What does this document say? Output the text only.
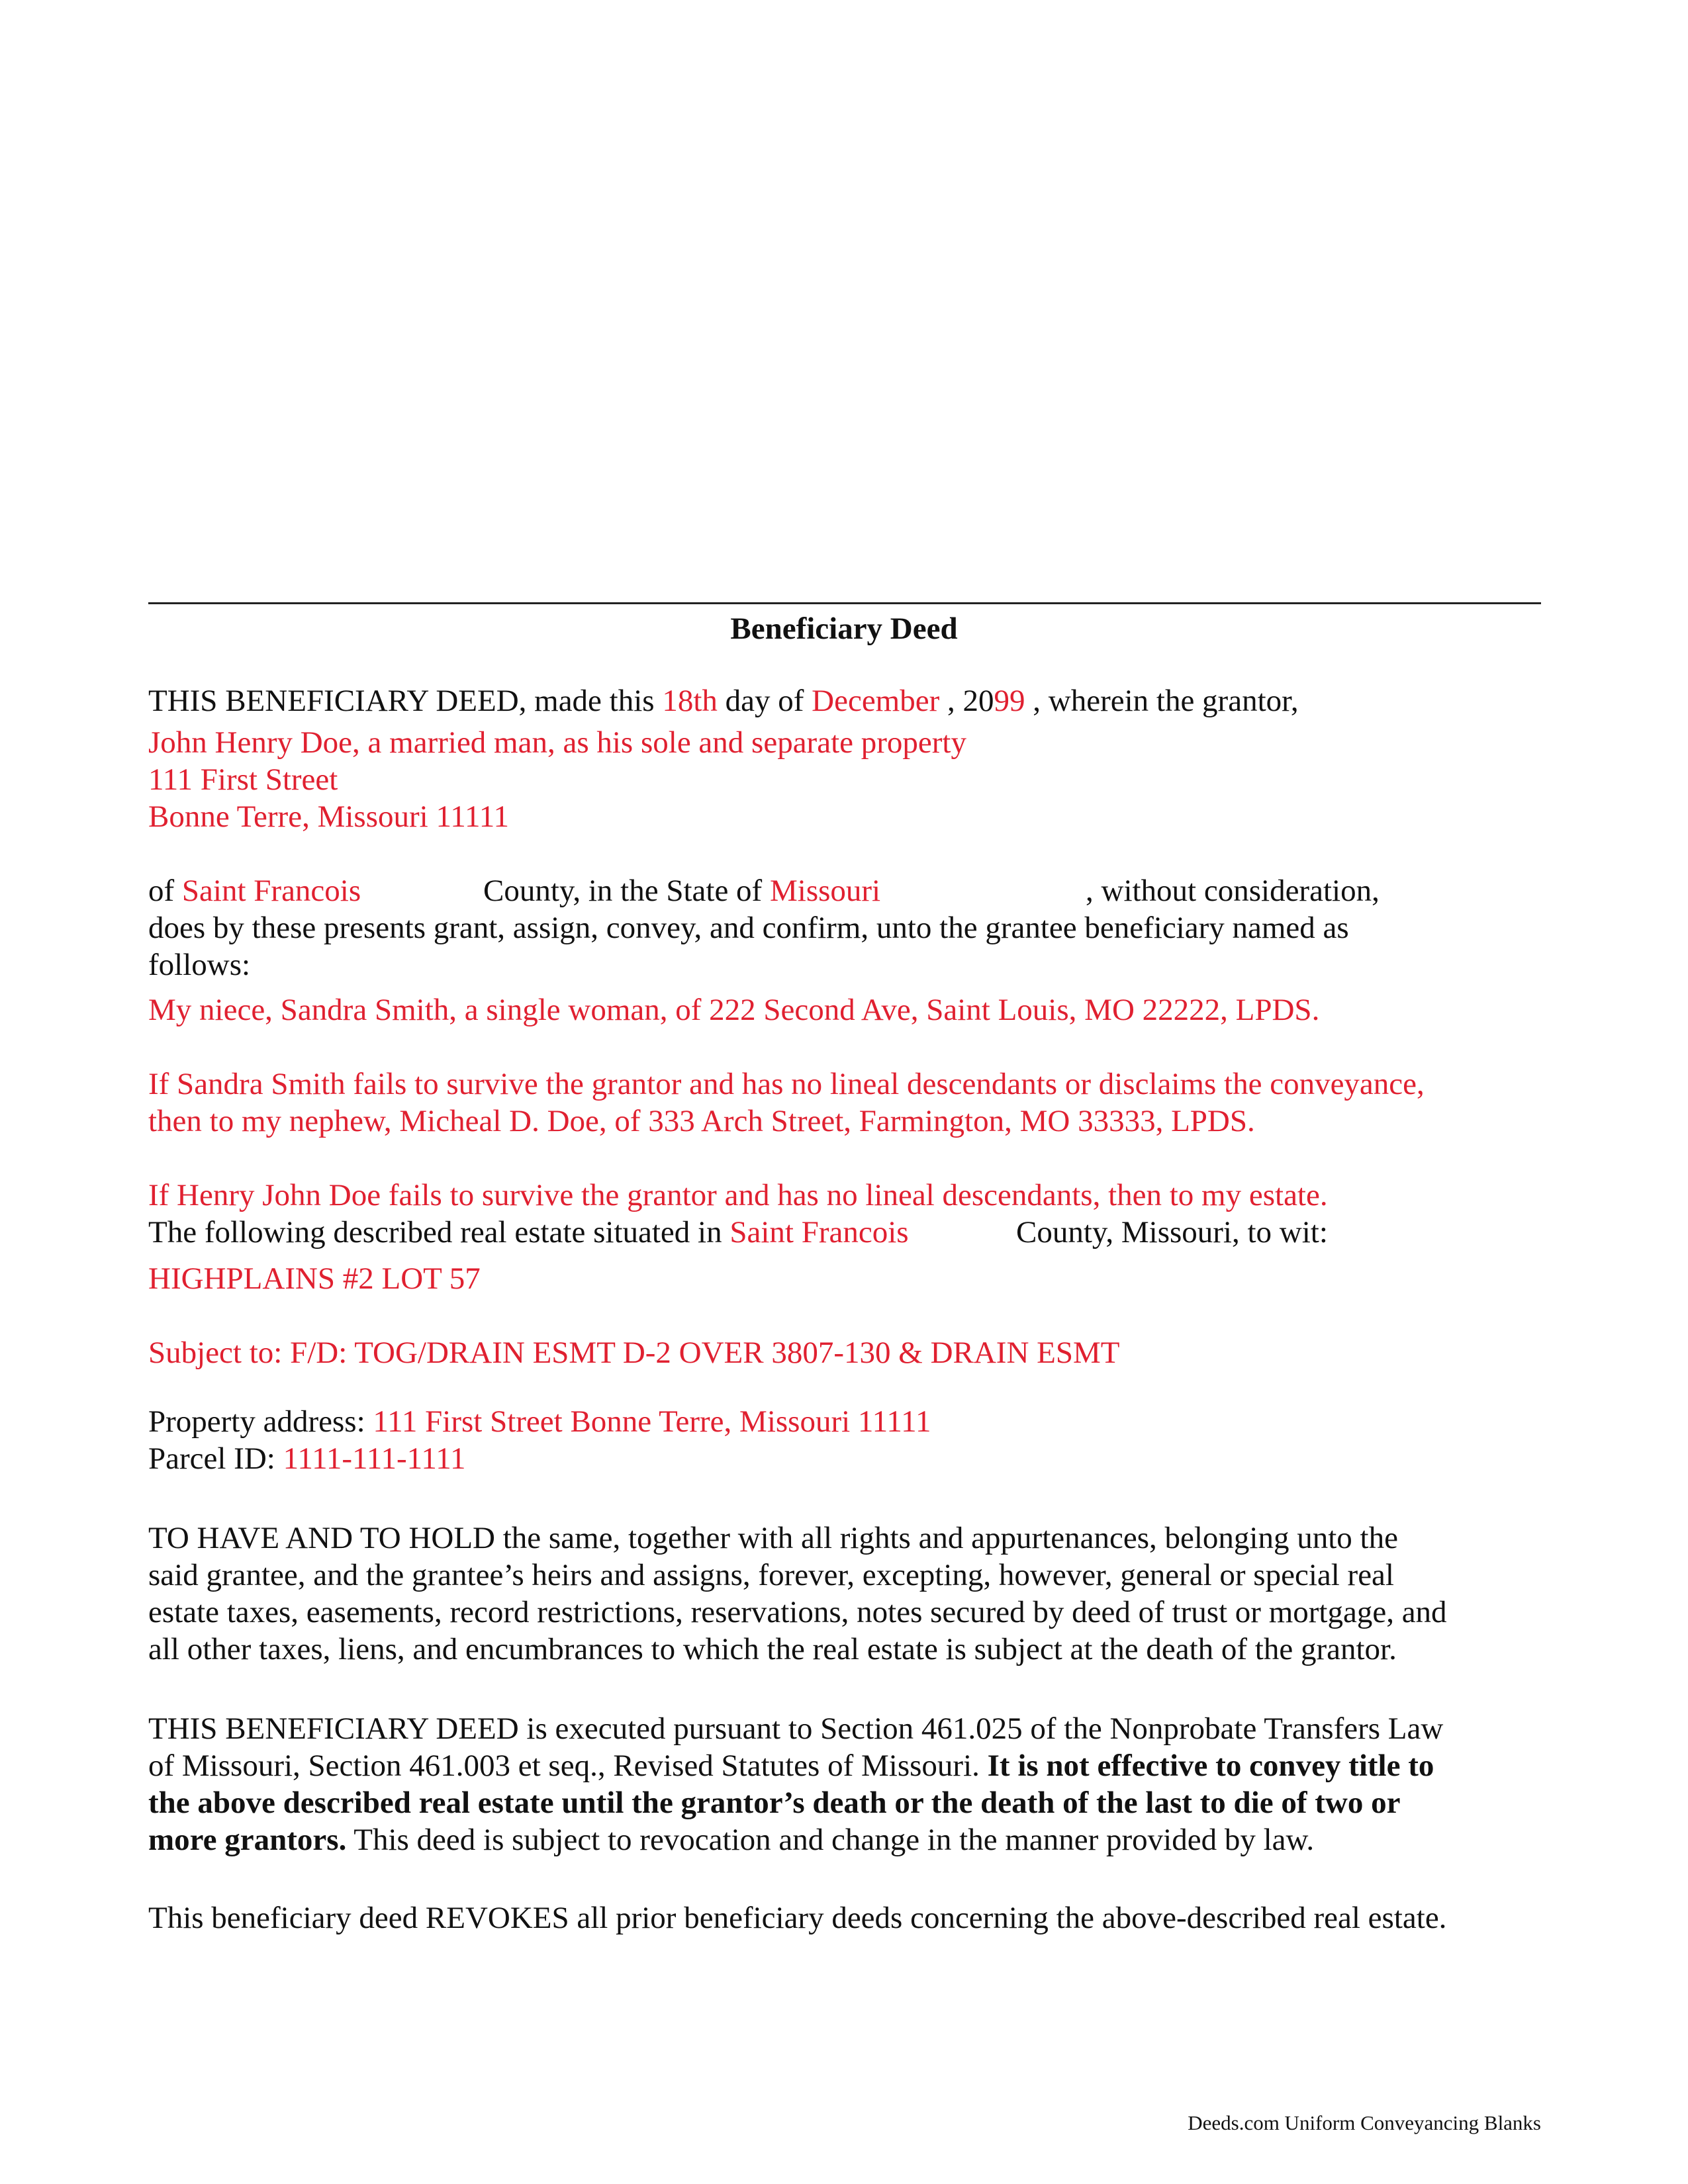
Beneficiary Deed
THIS BENEFICIARY DEED, made this 18th day of December , 2099 , wherein the grantor,
John Henry Doe, a married man, as his sole and separate property
111 First Street
Bonne Terre, Missouri 11111
of Saint Francois	County, in the State of Missouri	, without consideration,
does by these presents grant, assign, convey, and confirm, unto the grantee beneficiary named as
follows:
My niece, Sandra Smith, a single woman, of 222 Second Ave, Saint Louis, MO 22222, LPDS.
If Sandra Smith fails to survive the grantor and has no lineal descendants or disclaims the conveyance,
then to my nephew, Micheal D. Doe, of 333 Arch Street, Farmington, MO 33333, LPDS.
If Henry John Doe fails to survive the grantor and has no lineal descendants, then to my estate.
The following described real estate situated in Saint Francois	County, Missouri, to wit:
HIGHPLAINS #2 LOT 57
Subject to: F/D: TOG/DRAIN ESMT D-2 OVER 3807-130 & DRAIN ESMT
Property address: 111 First Street Bonne Terre, Missouri 11111
Parcel ID: 1111-111-1111
TO HAVE AND TO HOLD the same, together with all rights and appurtenances, belonging unto the
said grantee, and the grantee’s heirs and assigns, forever, excepting, however, general or special real
estate taxes, easements, record restrictions, reservations, notes secured by deed of trust or mortgage, and
all other taxes, liens, and encumbrances to which the real estate is subject at the death of the grantor.
THIS BENEFICIARY DEED is executed pursuant to Section 461.025 of the Nonprobate Transfers Law
of Missouri, Section 461.003 et seq., Revised Statutes of Missouri. It is not effective to convey title to
the above described real estate until the grantor’s death or the death of the last to die of two or
more grantors. This deed is subject to revocation and change in the manner provided by law.
This beneficiary deed REVOKES all prior beneficiary deeds concerning the above-described real estate.
Deeds.com Uniform Conveyancing Blanks
